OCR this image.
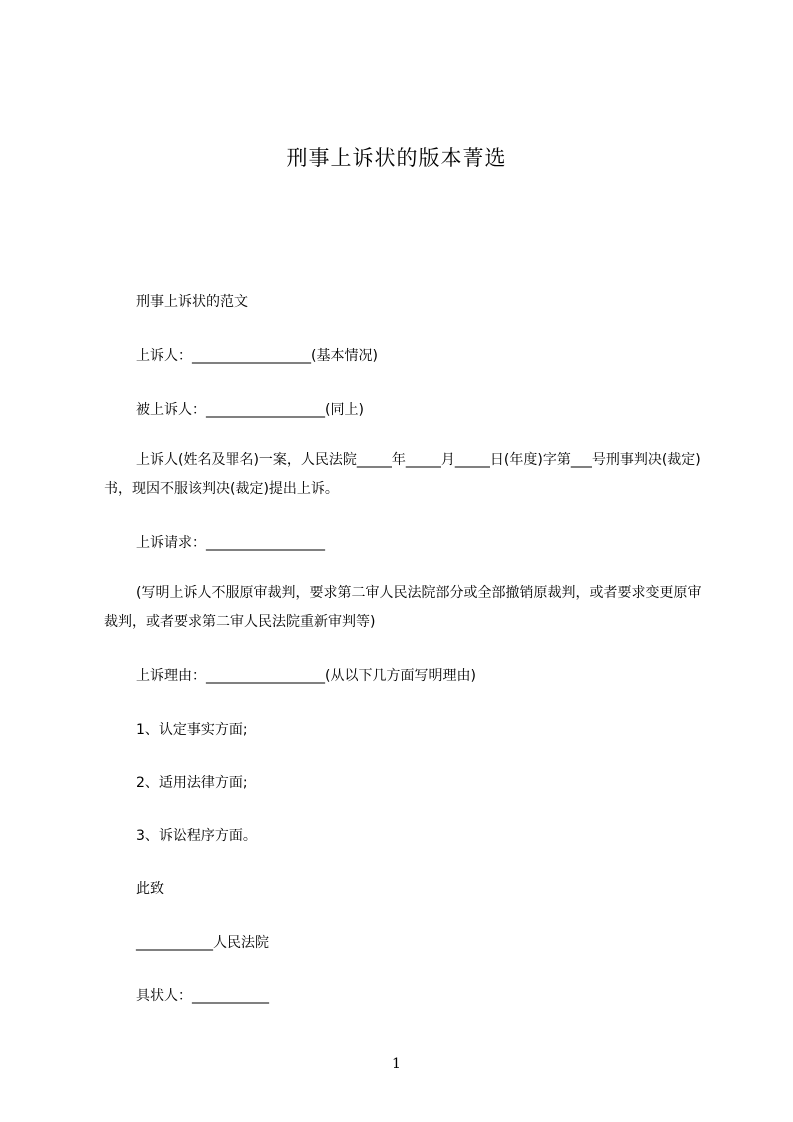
刑事上诉状的版本菁选
刑事上诉状的范文
上诉人：_________________(基本情况)
被上诉人：_________________(同上)
上诉人(姓名及罪名)一案，人民法院_____年_____月_____日(年度)字第___号刑事判决(裁定)书，现因不服该判决(裁定)提出上诉。
上诉请求：_________________
(写明上诉人不服原审裁判，要求第二审人民法院部分或全部撤销原裁判，或者要求变更原审裁判，或者要求第二审人民法院重新审判等)
上诉理由：_________________(从以下几方面写明理由)
1、认定事实方面;
2、适用法律方面;
3、诉讼程序方面。
此致
___________人民法院
具状人：___________
1
